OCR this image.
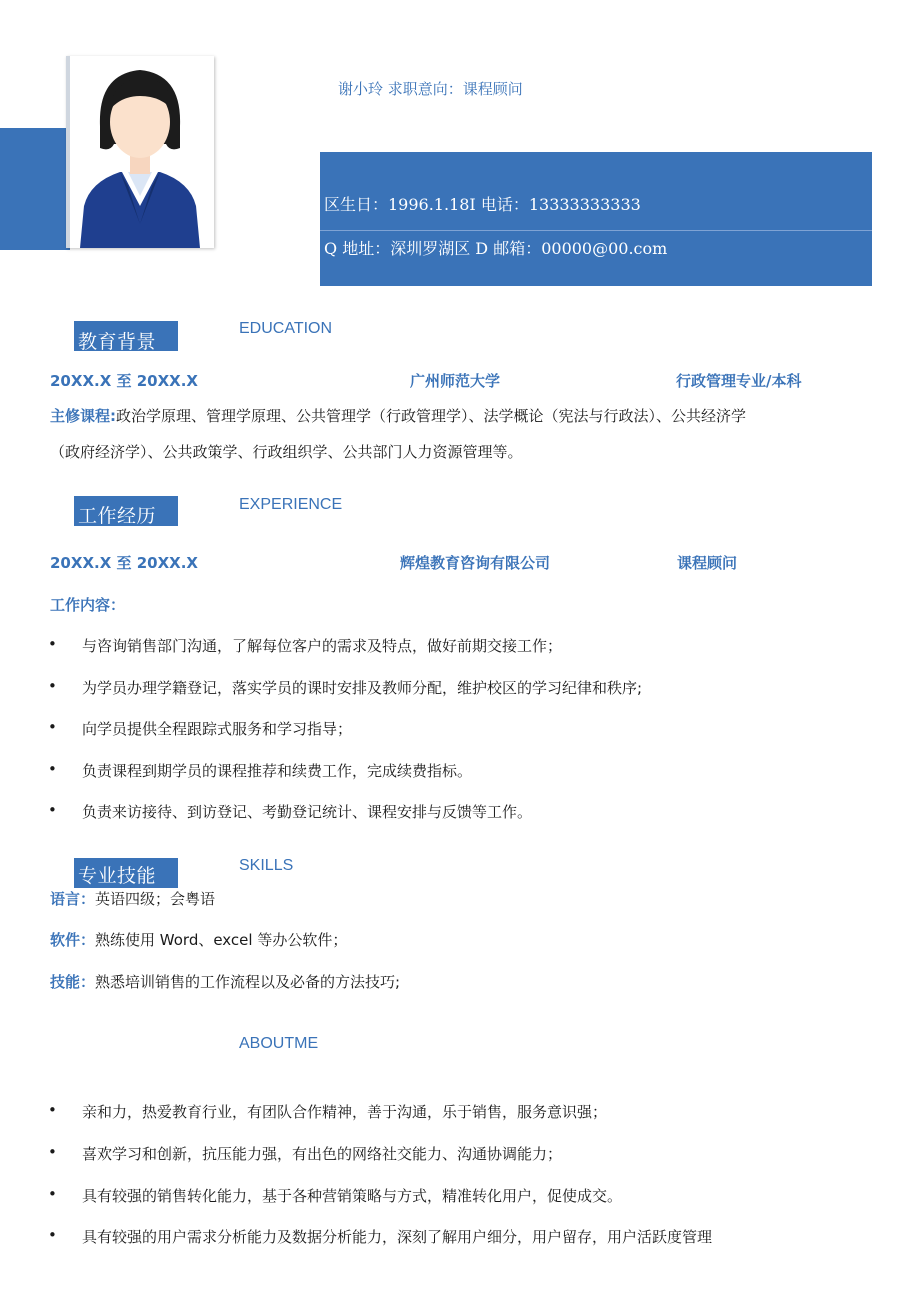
谢小玲 求职意向：课程顾问
区生日：1996.1.18I 电话：13333333333
Q 地址：深圳罗湖区 D 邮箱：00000@00.com
教育背景
EDUCATION
20XX.X 至 20XX.X	广州师范大学	行政管理专业/本科
主修课程:政治学原理、管理学原理、公共管理学（行政管理学）、法学概论（宪法与行政法）、公共经济学
（政府经济学）、公共政策学、行政组织学、公共部门人力资源管理等。
工作经历
EXPERIENCE
20XX.X 至 20XX.X	辉煌教育咨询有限公司	课程顾问
工作内容：
• 与咨询销售部门沟通，了解每位客户的需求及特点，做好前期交接工作；
• 为学员办理学籍登记，落实学员的课时安排及教师分配，维护校区的学习纪律和秩序;
• 向学员提供全程跟踪式服务和学习指导；
• 负责课程到期学员的课程推荐和续费工作，完成续费指标。
• 负责来访接待、到访登记、考勤登记统计、课程安排与反馈等工作。
专业技能	SKILLS
语言：英语四级；会粤语
软件：熟练使用 Word、excel 等办公软件；
技能：熟悉培训销售的工作流程以及必备的方法技巧;
ABOUTME
• 亲和力，热爱教育行业，有团队合作精神，善于沟通，乐于销售，服务意识强；
• 喜欢学习和创新，抗压能力强，有出色的网络社交能力、沟通协调能力；
• 具有较强的销售转化能力，基于各种营销策略与方式，精准转化用户，促使成交。
• 具有较强的用户需求分析能力及数据分析能力，深刻了解用户细分，用户留存，用户活跃度管理
